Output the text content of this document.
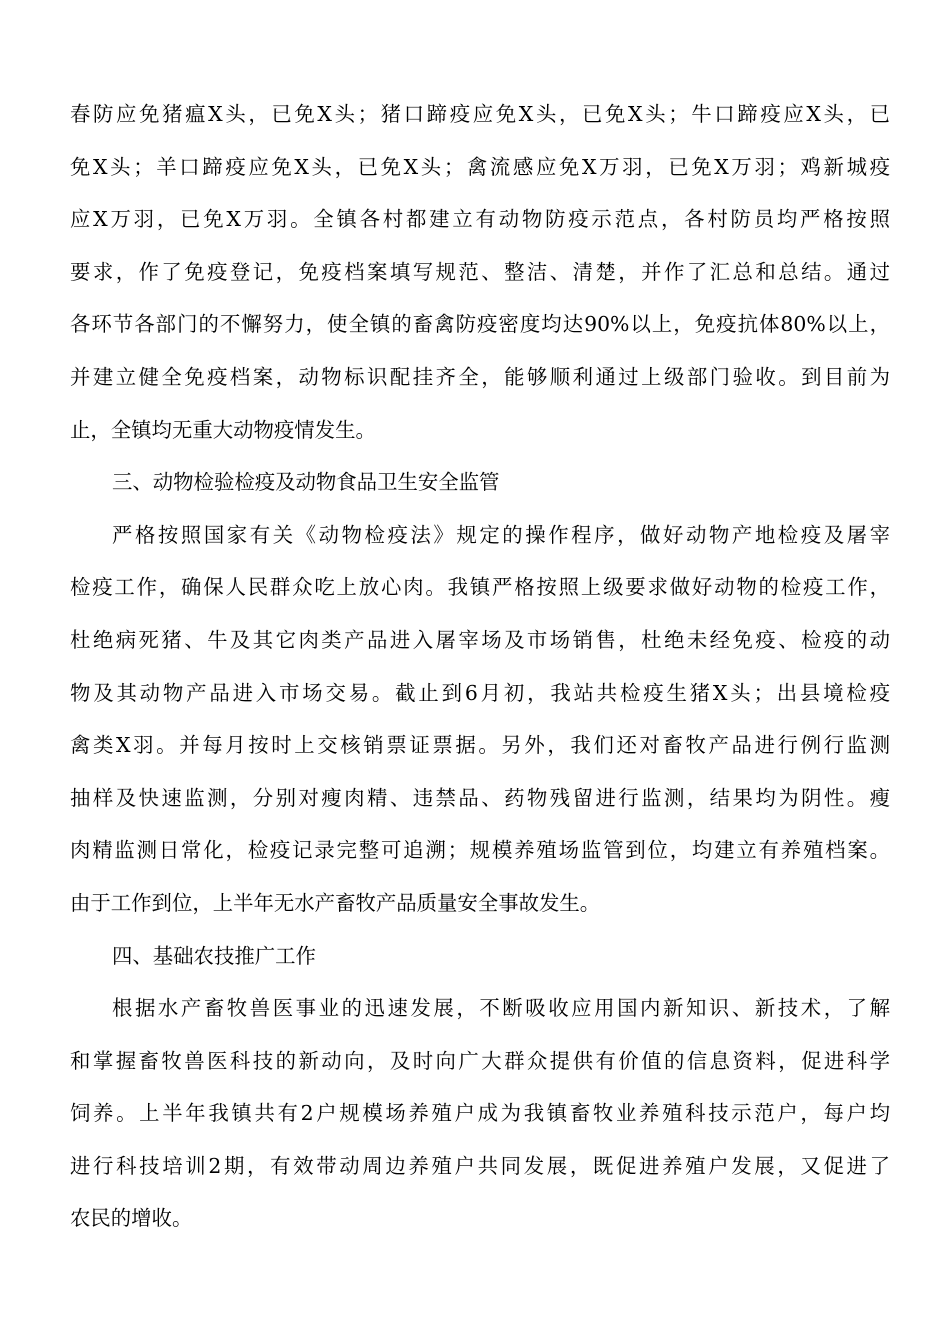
春防应免猪瘟X头，已免X头；猪口蹄疫应免X头，已免X头；牛口蹄疫应X头，已
免X头；羊口蹄疫应免X头，已免X头；禽流感应免X万羽，已免X万羽；鸡新城疫
应X万羽，已免X万羽。全镇各村都建立有动物防疫示范点，各村防员均严格按照
要求，作了免疫登记，免疫档案填写规范、整洁、清楚，并作了汇总和总结。通过
各环节各部门的不懈努力，使全镇的畜禽防疫密度均达90%以上，免疫抗体80%以上，
并建立健全免疫档案，动物标识配挂齐全，能够顺利通过上级部门验收。到目前为
止，全镇均无重大动物疫情发生。
三、动物检验检疫及动物食品卫生安全监管
严格按照国家有关《动物检疫法》规定的操作程序，做好动物产地检疫及屠宰
检疫工作，确保人民群众吃上放心肉。我镇严格按照上级要求做好动物的检疫工作，
杜绝病死猪、牛及其它肉类产品进入屠宰场及市场销售，杜绝未经免疫、检疫的动
物及其动物产品进入市场交易。截止到6月初，我站共检疫生猪X头；出县境检疫
禽类X羽。并每月按时上交核销票证票据。另外，我们还对畜牧产品进行例行监测
抽样及快速监测，分别对瘦肉精、违禁品、药物残留进行监测，结果均为阴性。瘦
肉精监测日常化，检疫记录完整可追溯；规模养殖场监管到位，均建立有养殖档案。
由于工作到位，上半年无水产畜牧产品质量安全事故发生。
四、基础农技推广工作
根据水产畜牧兽医事业的迅速发展，不断吸收应用国内新知识、新技术，了解
和掌握畜牧兽医科技的新动向，及时向广大群众提供有价值的信息资料，促进科学
饲养。上半年我镇共有2户规模场养殖户成为我镇畜牧业养殖科技示范户，每户均
进行科技培训2期，有效带动周边养殖户共同发展，既促进养殖户发展，又促进了
农民的增收。
